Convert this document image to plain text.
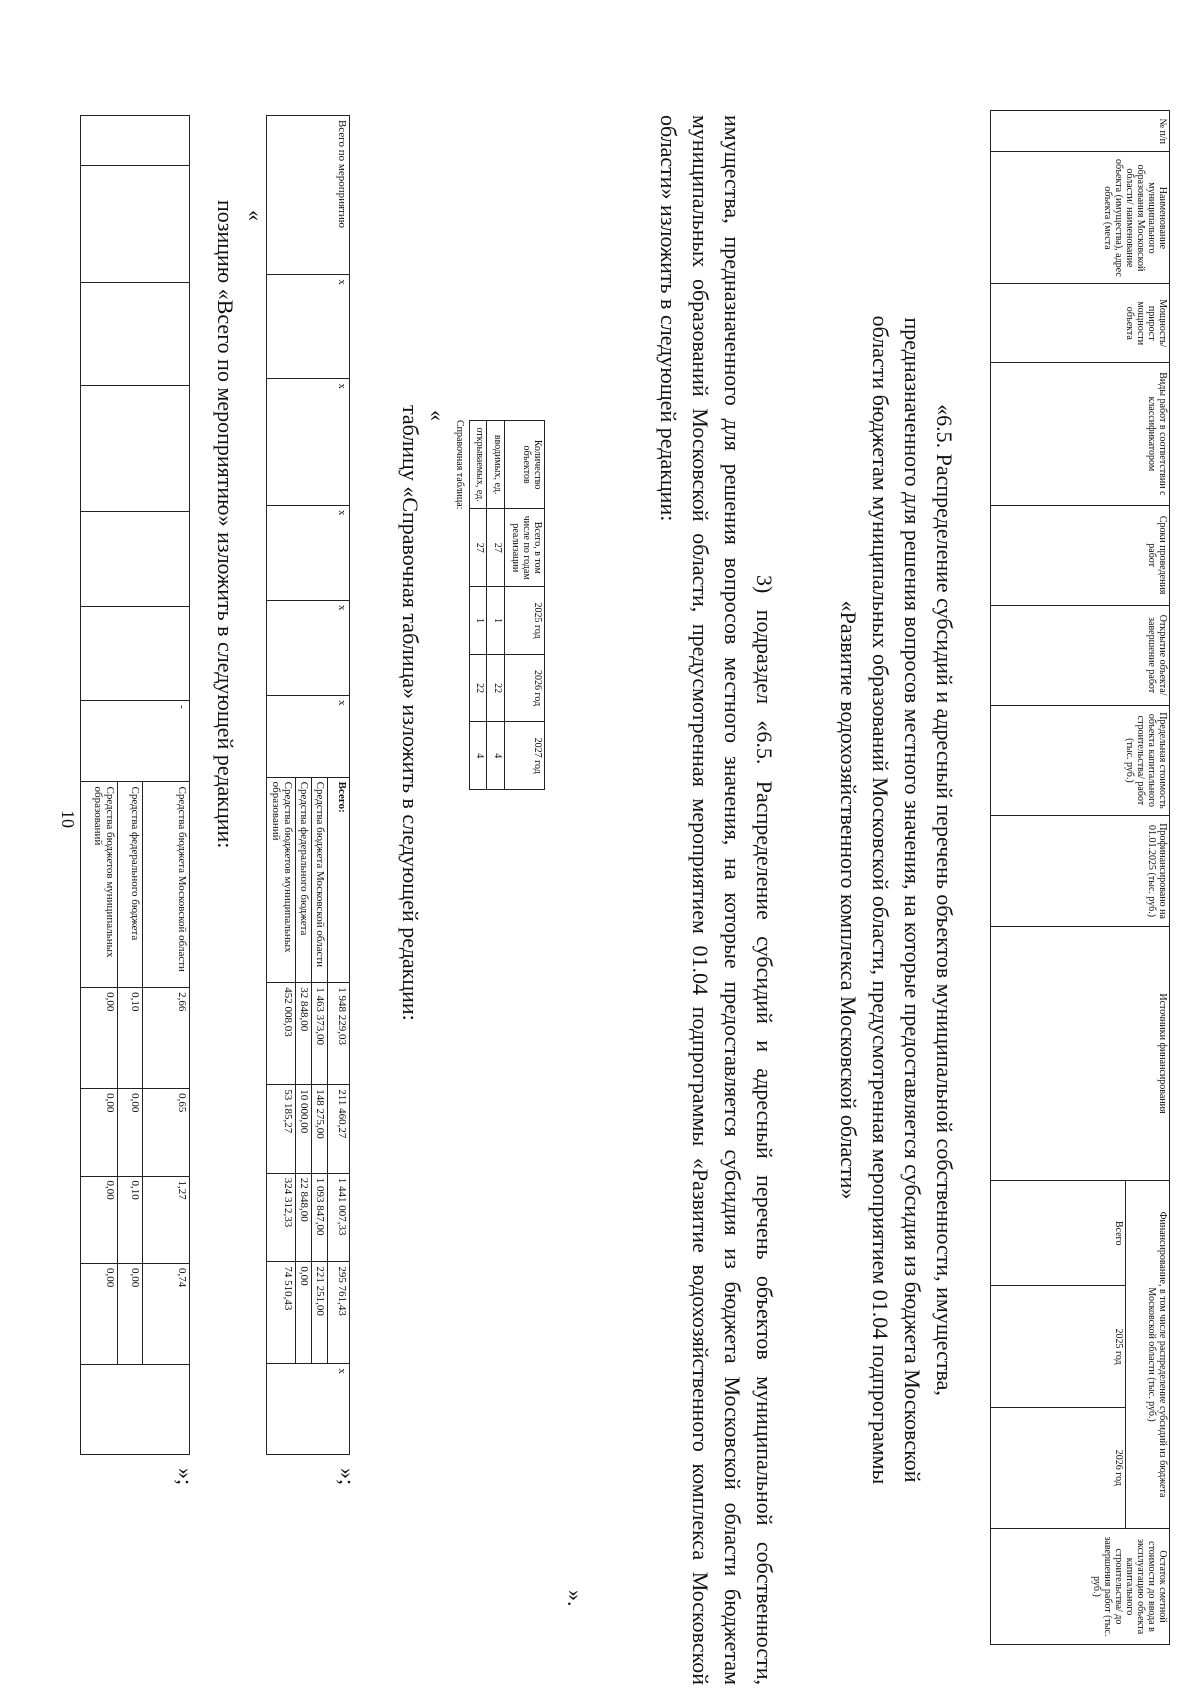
10
						-	Средства бюджета Московской области	2,66	0,65	1,27	0,74	
							Средства федерального бюджета	0,10	0,00	0,10	0,00	
							Средства бюджетов муниципальных образований	0,00	0,00	0,00	0,00	
»;
позицию «Всего по мероприятию» изложить в следующей редакции: «	Всего по мероприятию	x	x	x	x	x	Всего:	1 948 229,03	211 460,27	1 441 007,33	295 761,43	x
						Средства бюджета Московской области	1 463 373,00	148 275,00	1 093 847,00	221 251,00	
						Средства федерального бюджета	32 848,00	10 000,00	22 848,00	0,00	
						Средства бюджетов муниципальных образований	452 008,03	53 185,27	324 312,33	74 510,43	
»;
таблицу «Справочная таблица» изложить в следующей редакции: «
Справочная таблица:	Количество объектов	Всего, в том числе по годам реализации	2025 год	2026 год	2027 год
вводимых, ед.	27	1	22	4
открываемых, ед.	27	1	22	4
».	3) подраздел «6.5. Распределение субсидий и адресный перечень объектов муниципальной собственности, имущества, предназначенного для решения вопросов местного значения, на которые предоставляется субсидия из бюджета Московской области бюджетам муниципальных образований Московской области, предусмотренная мероприятием 01.04 подпрограммы «Развитие водохозяйственного комплекса Московской области» изложить в следующей редакции:
«6.5. Распределение субсидий и адресный перечень объектов муниципальной собственности, имущества,
предназначенного для решения вопросов местного значения, на которые предоставляется субсидия из бюджета Московской
области бюджетам муниципальных образований Московской области, предусмотренная мероприятием 01.04 подпрограммы
«Развитие водохозяйственного комплекса Московской области»
№ п/п	Наименование муниципального образования Московской области/ наименование объекта (имущества), адрес объекта (места	Мощность/ прирост мощности объекта	Виды работ в соответствии с классификатором	Сроки проведения работ	Открытие объекта/ завершение работ	Предельная стоимость объекта капитального строительства/ работ (тыс. руб.)	Профинансировано на 01.01.2025 (тыс. руб.)	Источники финансирования	Финансирование, в том числе распределение субсидий из бюджета Московской области (тыс. руб.)			Остаток сметной стоимости до ввода в эксплуатацию объекта капитального строительства/ до завершения работ (тыс. руб.)
									Всего	2025 год	2026 год	
